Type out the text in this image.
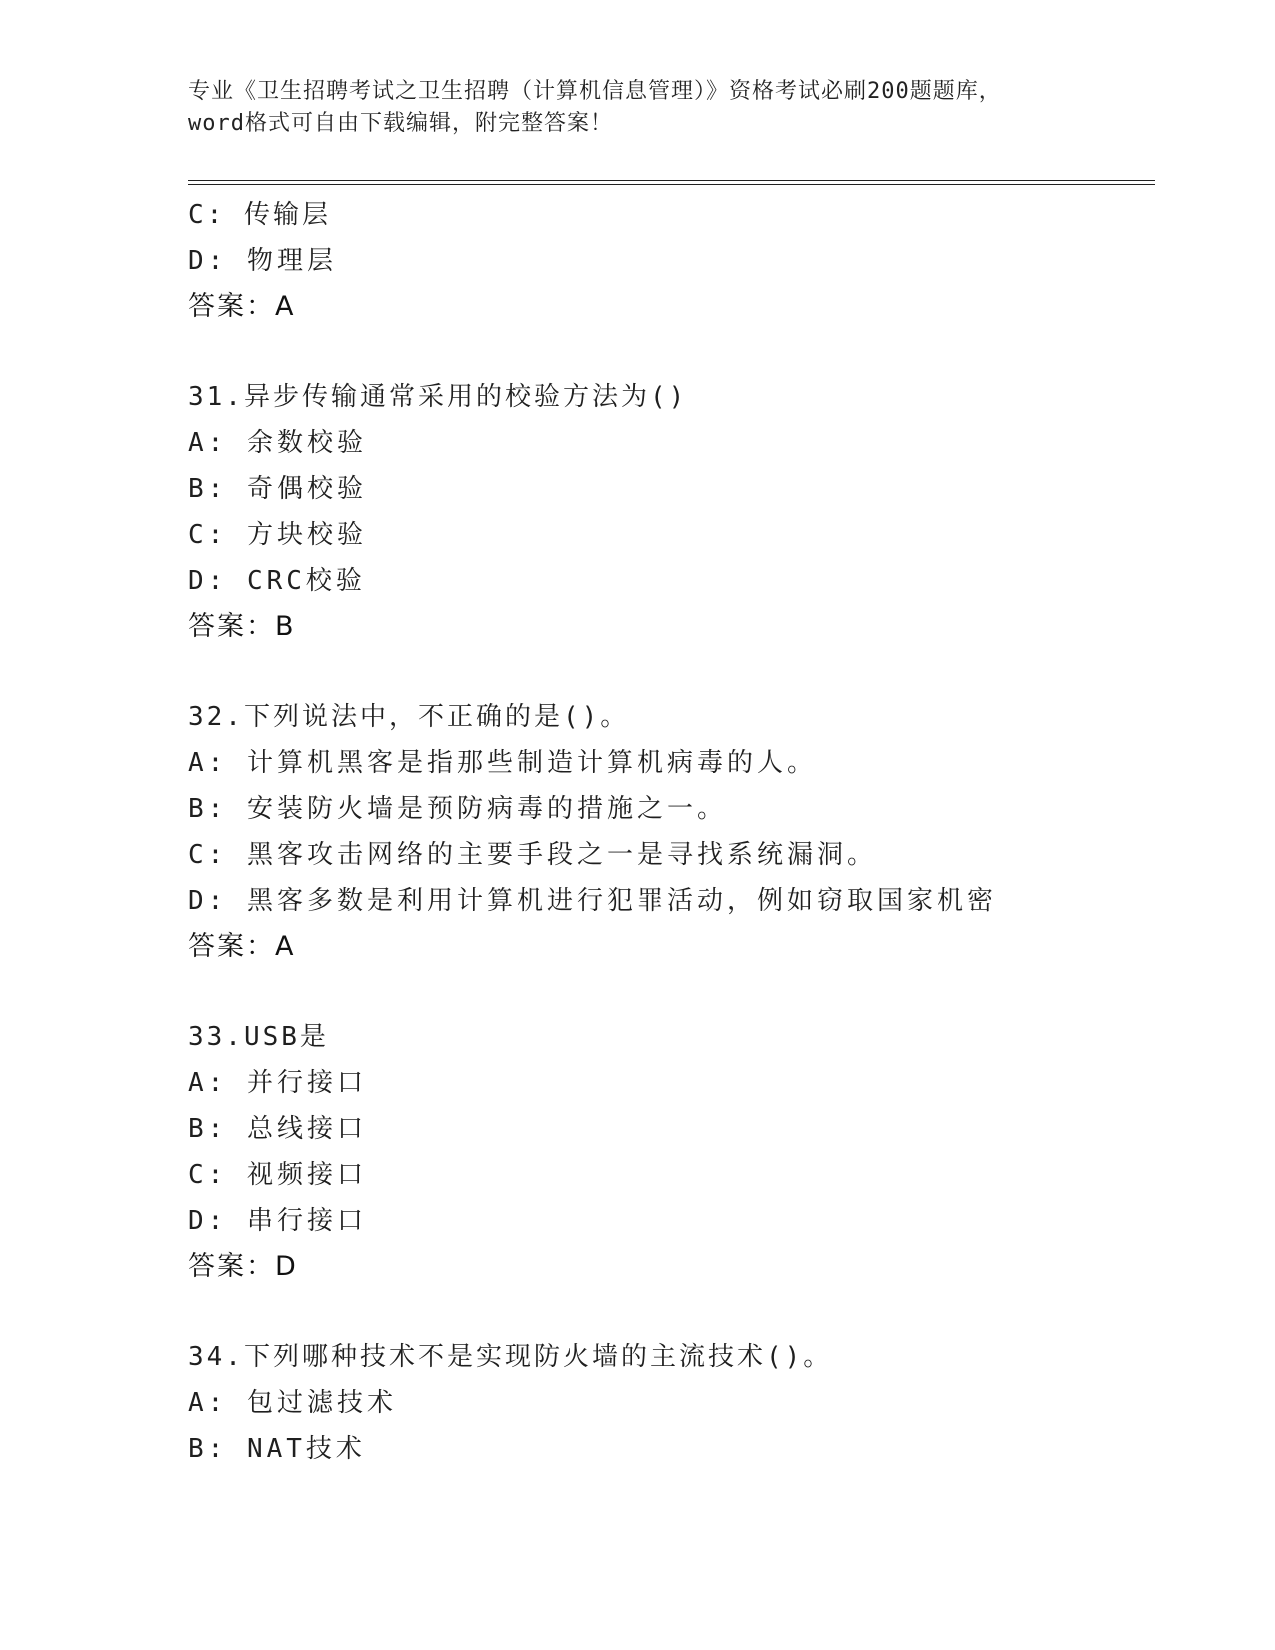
专业《卫生招聘考试之卫生招聘（计算机信息管理）》资格考试必刷200题题库，
word格式可自由下载编辑，附完整答案！
C: 传输层
D: 物理层
答案：A
31.异步传输通常采用的校验方法为()
A: 余数校验
B: 奇偶校验
C: 方块校验
D: CRC校验
答案：B
32.下列说法中，不正确的是()。
A: 计算机黑客是指那些制造计算机病毒的人。
B: 安装防火墙是预防病毒的措施之一。
C: 黑客攻击网络的主要手段之一是寻找系统漏洞。
D: 黑客多数是利用计算机进行犯罪活动，例如窃取国家机密
答案：A
33.USB是
A: 并行接口
B: 总线接口
C: 视频接口
D: 串行接口
答案：D
34.下列哪种技术不是实现防火墙的主流技术()。
A: 包过滤技术
B: NAT技术
